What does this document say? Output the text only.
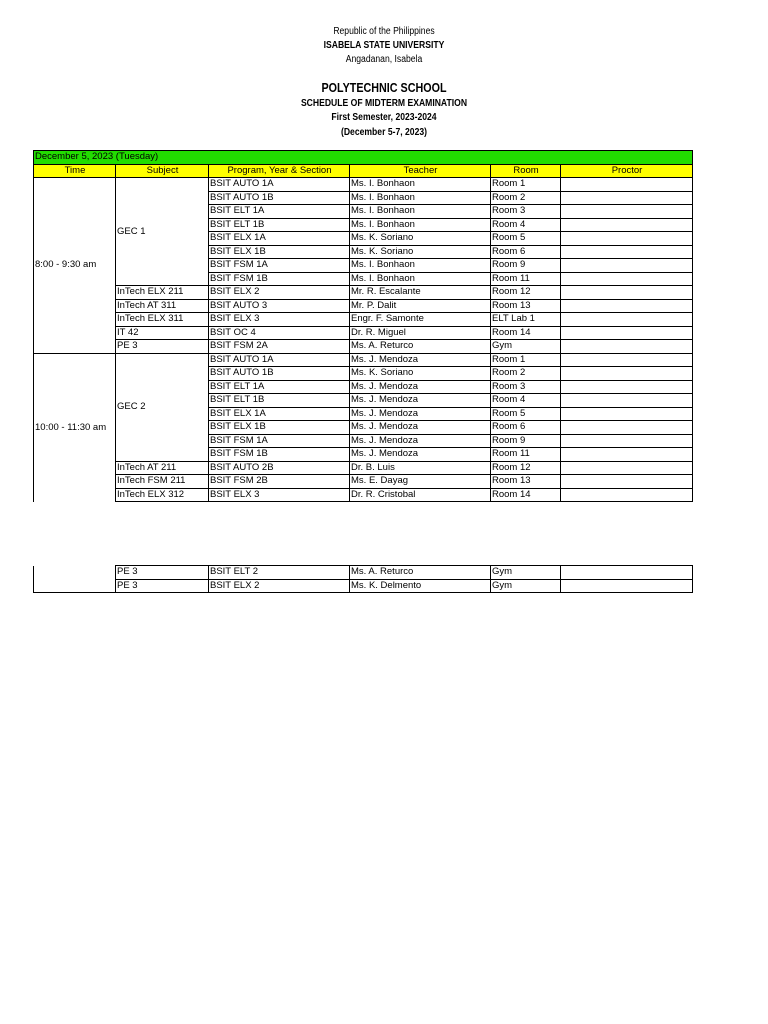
Republic of the Philippines
ISABELA STATE UNIVERSITY
Angadanan, Isabela
POLYTECHNIC SCHOOL
SCHEDULE OF MIDTERM EXAMINATION
First Semester, 2023-2024
(December 5-7, 2023)
December 5, 2023 (Tuesday)					
Time	Subject	Program, Year & Section	Teacher	Room	Proctor
8:00 - 9:30 am	GEC 1	BSIT AUTO 1A	Ms. I. Bonhaon	Room 1	
		BSIT AUTO 1B	Ms. I. Bonhaon	Room 2	
		BSIT ELT 1A	Ms. I. Bonhaon	Room 3	
		BSIT ELT 1B	Ms. I. Bonhaon	Room 4	
		BSIT ELX 1A	Ms. K. Soriano	Room 5	
		BSIT ELX 1B	Ms. K. Soriano	Room 6	
		BSIT FSM 1A	Ms. I. Bonhaon	Room 9	
		BSIT FSM 1B	Ms. I. Bonhaon	Room 11	
	InTech ELX 211	BSIT ELX 2	Mr. R. Escalante	Room 12	
	InTech AT 311	BSIT AUTO 3	Mr. P. Dalit	Room 13	
	InTech ELX 311	BSIT ELX 3	Engr. F. Samonte	ELT Lab 1	
	IT 42	BSIT OC 4	Dr. R. Miguel	Room 14	
	PE 3	BSIT FSM 2A	Ms. A. Returco	Gym	
10:00 - 11:30 am	GEC 2	BSIT AUTO 1A	Ms. J. Mendoza	Room 1	
		BSIT AUTO 1B	Ms. K. Soriano	Room 2	
		BSIT ELT 1A	Ms. J. Mendoza	Room 3	
		BSIT ELT 1B	Ms. J. Mendoza	Room 4	
		BSIT ELX 1A	Ms. J. Mendoza	Room 5	
		BSIT ELX 1B	Ms. J. Mendoza	Room 6	
		BSIT FSM 1A	Ms. J. Mendoza	Room 9	
		BSIT FSM 1B	Ms. J. Mendoza	Room 11	
	InTech AT 211	BSIT AUTO 2B	Dr. B. Luis	Room 12	
	InTech FSM 211	BSIT FSM 2B	Ms. E. Dayag	Room 13	
	InTech ELX 312	BSIT ELX 3	Dr. R. Cristobal	Room 14	
	PE 3	BSIT ELT 2	Ms. A. Returco	Gym	
	PE 3	BSIT ELX 2	Ms. K. Delmento	Gym	
